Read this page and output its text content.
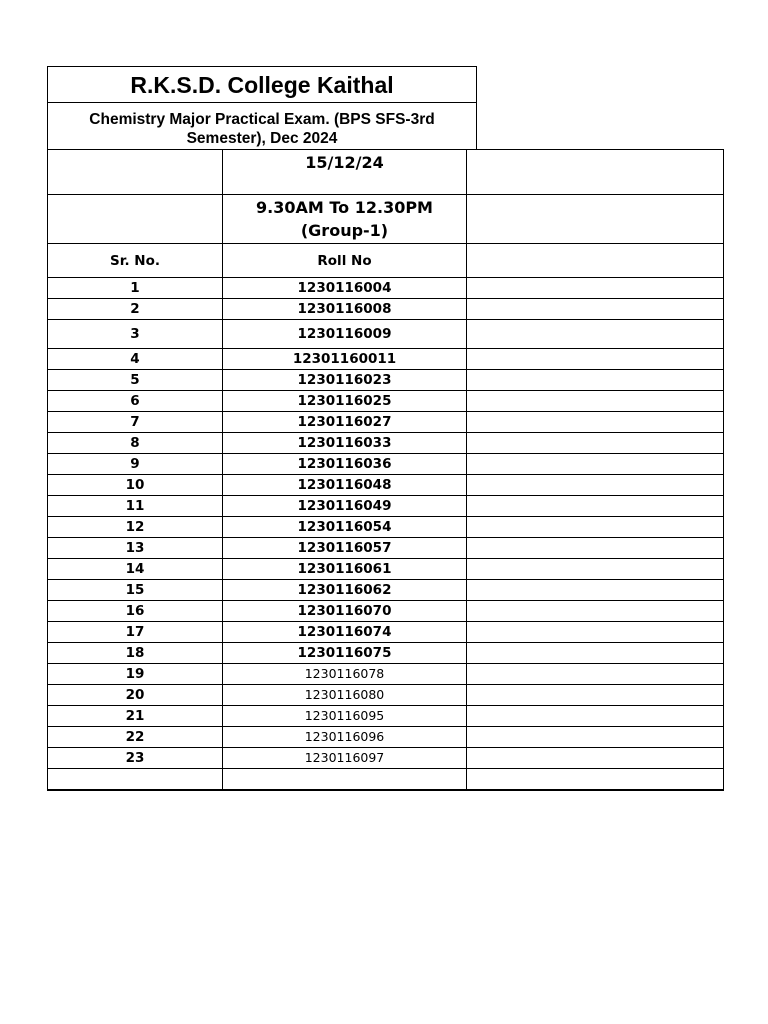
R.K.S.D. College Kaithal
Chemistry Major Practical Exam. (BPS SFS-3rd
Semester), Dec 2024
	15/12/24	

	9.30AM To 12.30PM
(Group-1)	

Sr. No.	Roll No	
1	1230116004	
2	1230116008	
3	1230116009	
4	12301160011	
5	1230116023	
6	1230116025	
7	1230116027	
8	1230116033	
9	1230116036	
10	1230116048	
11	1230116049	
12	1230116054	
13	1230116057	
14	1230116061	
15	1230116062	
16	1230116070	
17	1230116074	
18	1230116075	
19	1230116078	
20	1230116080	
21	1230116095	
22	1230116096	
23	1230116097	
